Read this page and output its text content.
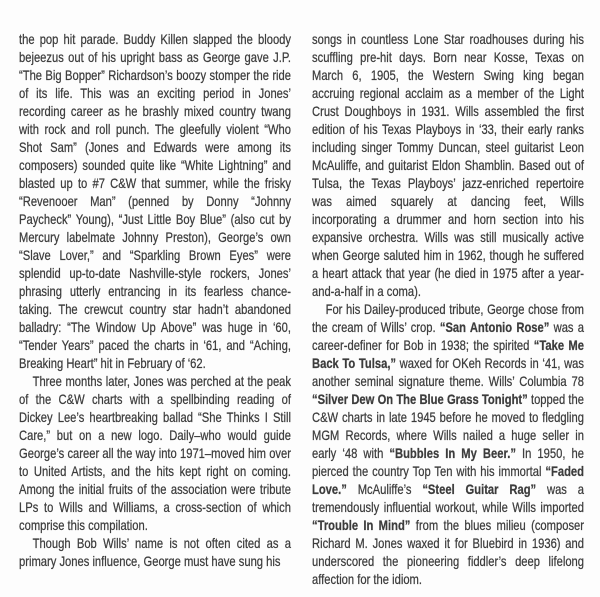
the pop hit parade. Buddy Killen slapped the bloody bejeezus out of his upright bass as George gave J.P. “The Big Bopper” Richardson’s boozy stomper the ride of its life. This was an exciting period in Jones’ recording career as he brashly mixed country twang with rock and roll punch. The gleefully violent “Who Shot Sam” (Jones and Edwards were among its composers) sounded quite like “White Lightning” and blasted up to #7 C&W that summer, while the frisky “Revenooer Man” (penned by Donny “Johnny Paycheck” Young), “Just Little Boy Blue” (also cut by Mercury labelmate Johnny Preston), George’s own “Slave Lover,” and “Sparkling Brown Eyes” were splendid up-to-date Nashville-style rockers, Jones’ phrasing utterly entrancing in its fearless chance-taking. The crewcut country star hadn’t abandoned balladry: “The Window Up Above” was huge in ‘60, “Tender Years” paced the charts in ‘61, and “Aching, Breaking Heart” hit in February of ‘62.

Three months later, Jones was perched at the peak of the C&W charts with a spellbinding reading of Dickey Lee’s heartbreaking ballad “She Thinks I Still Care,” but on a new logo. Daily–who would guide George’s career all the way into 1971–moved him over to United Artists, and the hits kept right on coming. Among the initial fruits of the association were tribute LPs to Wills and Williams, a cross-section of which comprise this compilation.

Though Bob Wills’ name is not often cited as a primary Jones influence, George must have sung his

songs in countless Lone Star roadhouses during his scuffling pre-hit days. Born near Kosse, Texas on March 6, 1905, the Western Swing king began accruing regional acclaim as a member of the Light Crust Doughboys in 1931. Wills assembled the first edition of his Texas Playboys in ‘33, their early ranks including singer Tommy Duncan, steel guitarist Leon McAuliffe, and guitarist Eldon Shamblin. Based out of Tulsa, the Texas Playboys’ jazz-enriched repertoire was aimed squarely at dancing feet, Wills incorporating a drummer and horn section into his expansive orchestra. Wills was still musically active when George saluted him in 1962, though he suffered a heart attack that year (he died in 1975 after a year-and-a-half in a coma).

For his Dailey-produced tribute, George chose from the cream of Wills’ crop. “San Antonio Rose” was a career-definer for Bob in 1938; the spirited “Take Me Back To Tulsa,” waxed for OKeh Records in ‘41, was another seminal signature theme. Wills’ Columbia 78 “Silver Dew On The Blue Grass Tonight” topped the C&W charts in late 1945 before he moved to fledgling MGM Records, where Wills nailed a huge seller in early ‘48 with “Bubbles In My Beer.” In 1950, he pierced the country Top Ten with his immortal “Faded Love.” McAuliffe’s “Steel Guitar Rag” was a tremendously influential workout, while Wills imported “Trouble In Mind” from the blues milieu (composer Richard M. Jones waxed it for Bluebird in 1936) and underscored the pioneering fiddler’s deep lifelong affection for the idiom.
